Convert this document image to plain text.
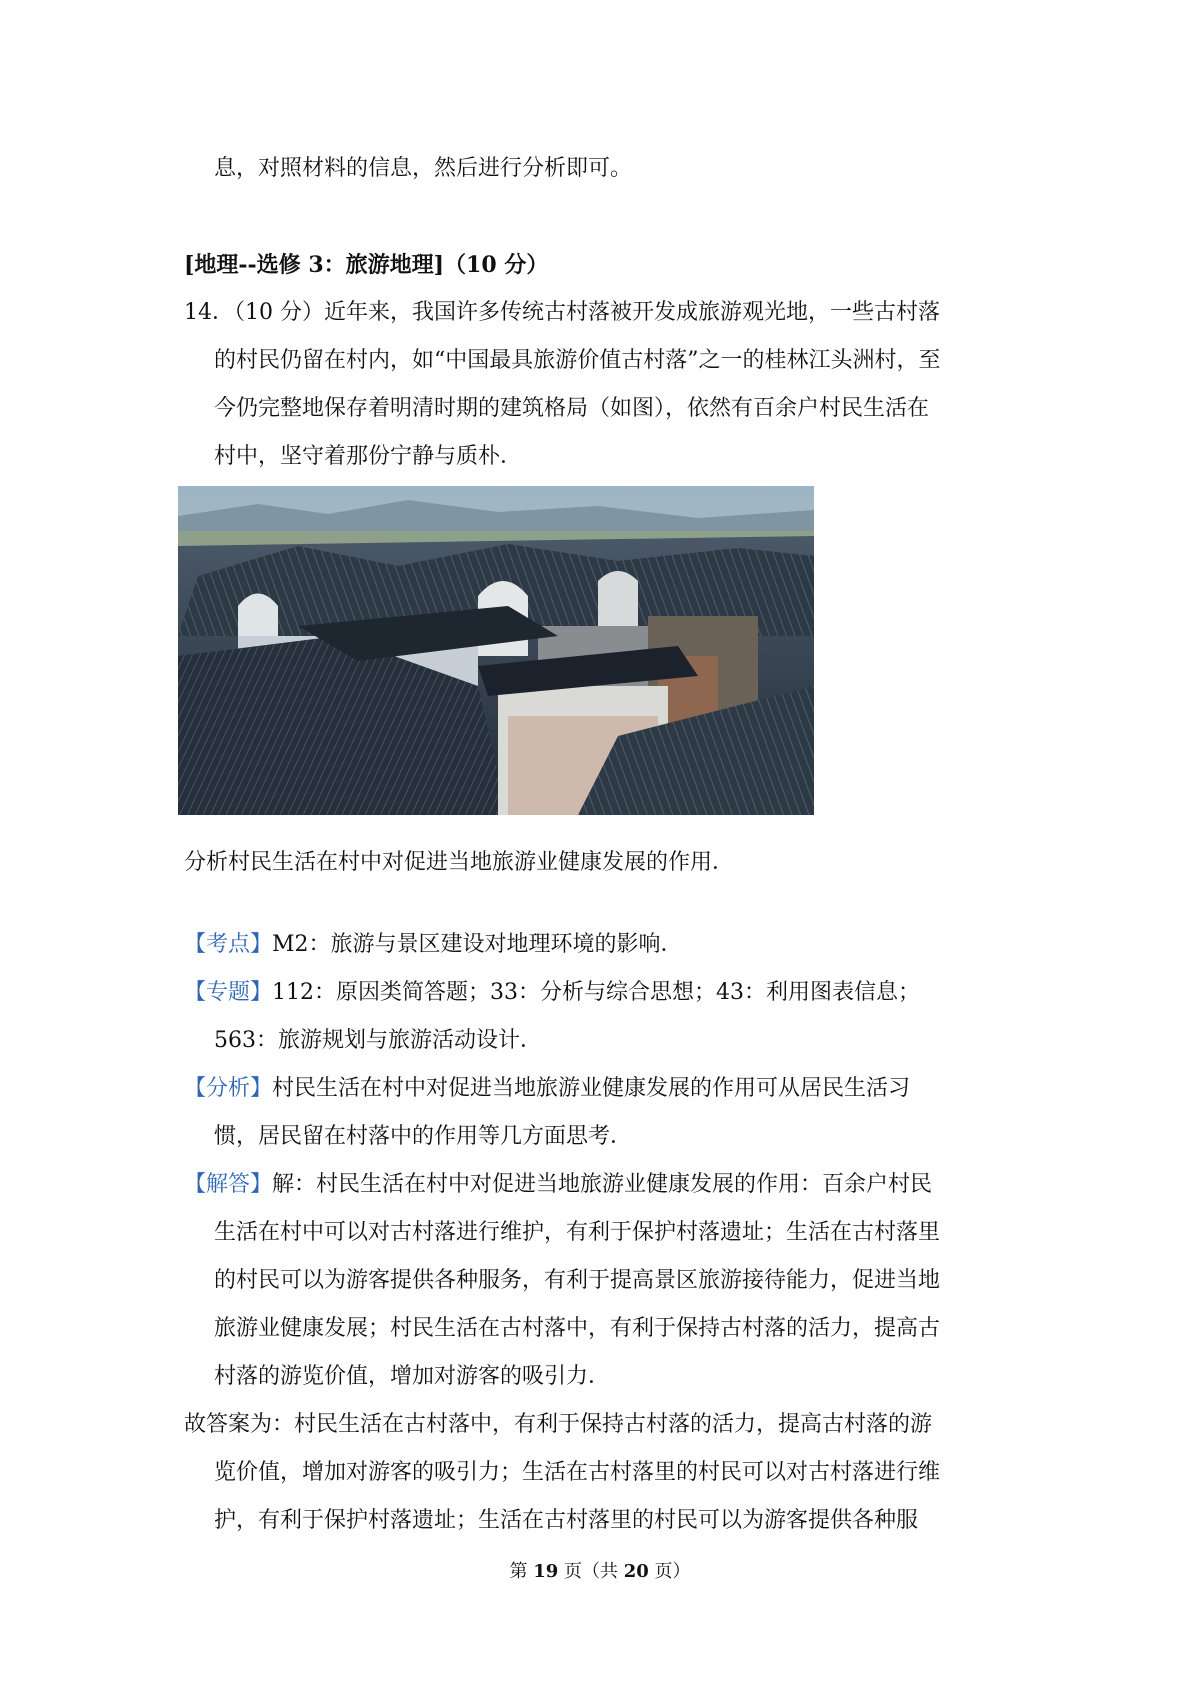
息，对照材料的信息，然后进行分析即可。
[地理--选修 3：旅游地理]（10 分）
14．（10 分）近年来，我国许多传统古村落被开发成旅游观光地，一些古村落
的村民仍留在村内，如“中国最具旅游价值古村落”之一的桂林江头洲村，至
今仍完整地保存着明清时期的建筑格局（如图），依然有百余户村民生活在
村中，坚守着那份宁静与质朴．
分析村民生活在村中对促进当地旅游业健康发展的作用．
【考点】M2：旅游与景区建设对地理环境的影响．
【专题】112：原因类简答题；33：分析与综合思想；43：利用图表信息；
563：旅游规划与旅游活动设计．
【分析】村民生活在村中对促进当地旅游业健康发展的作用可从居民生活习
惯，居民留在村落中的作用等几方面思考．
【解答】解：村民生活在村中对促进当地旅游业健康发展的作用：百余户村民
生活在村中可以对古村落进行维护，有利于保护村落遗址；生活在古村落里
的村民可以为游客提供各种服务，有利于提高景区旅游接待能力，促进当地
旅游业健康发展；村民生活在古村落中，有利于保持古村落的活力，提高古
村落的游览价值，增加对游客的吸引力．
故答案为：村民生活在古村落中，有利于保持古村落的活力，提高古村落的游
览价值，增加对游客的吸引力；生活在古村落里的村民可以对古村落进行维
护，有利于保护村落遗址；生活在古村落里的村民可以为游客提供各种服
第 19 页（共 20 页）
